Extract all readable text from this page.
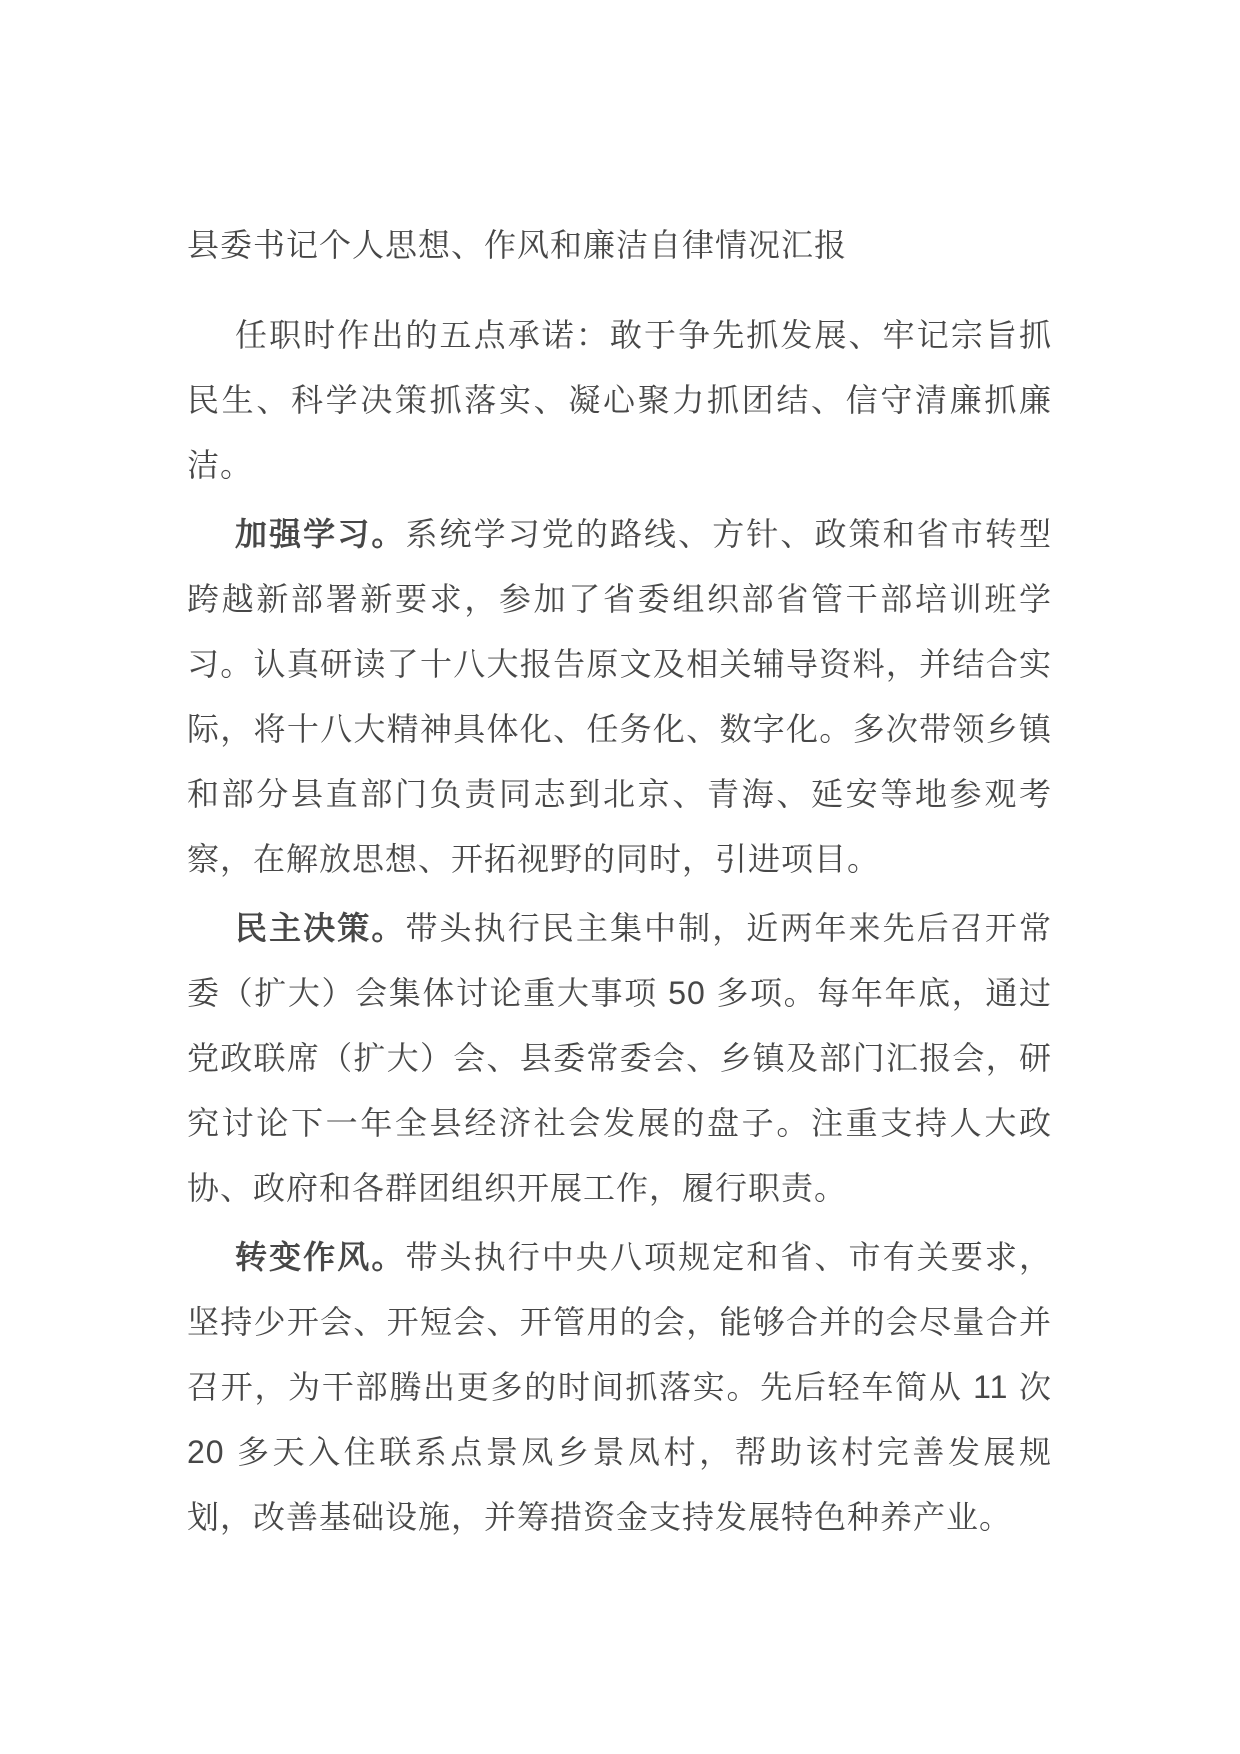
县委书记个人思想、作风和廉洁自律情况汇报

任职时作出的五点承诺：敢于争先抓发展、牢记宗旨抓民生、科学决策抓落实、凝心聚力抓团结、信守清廉抓廉洁。

加强学习。系统学习党的路线、方针、政策和省市转型跨越新部署新要求，参加了省委组织部省管干部培训班学习。认真研读了十八大报告原文及相关辅导资料，并结合实际，将十八大精神具体化、任务化、数字化。多次带领乡镇和部分县直部门负责同志到北京、青海、延安等地参观考察，在解放思想、开拓视野的同时，引进项目。

民主决策。带头执行民主集中制，近两年来先后召开常委（扩大）会集体讨论重大事项 50 多项。每年年底，通过党政联席（扩大）会、县委常委会、乡镇及部门汇报会，研究讨论下一年全县经济社会发展的盘子。注重支持人大政协、政府和各群团组织开展工作，履行职责。

转变作风。带头执行中央八项规定和省、市有关要求，坚持少开会、开短会、开管用的会，能够合并的会尽量合并召开，为干部腾出更多的时间抓落实。先后轻车简从 11 次 20 多天入住联系点景凤乡景凤村，帮助该村完善发展规划，改善基础设施，并筹措资金支持发展特色种养产业。
